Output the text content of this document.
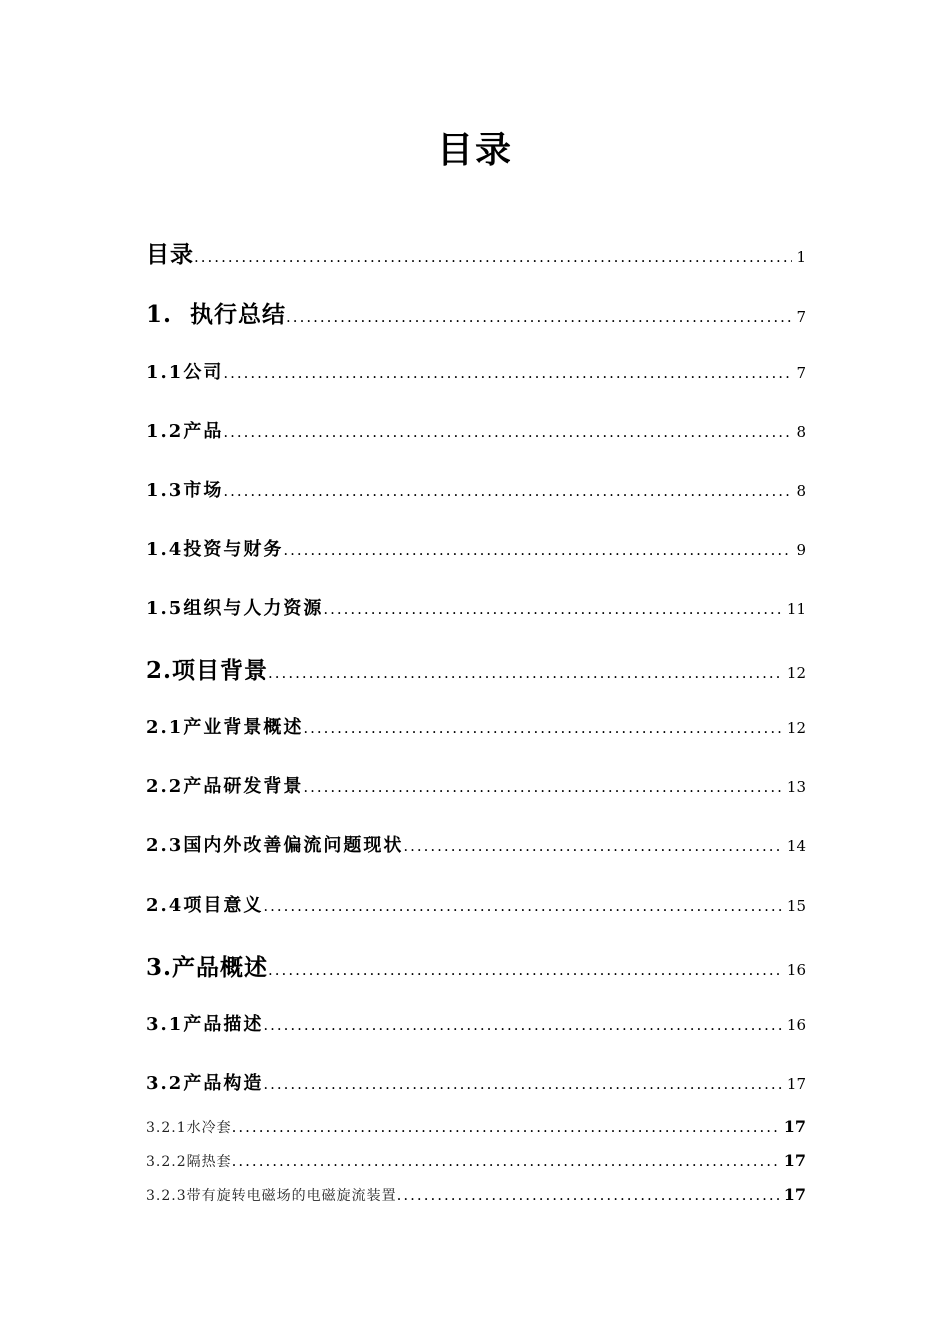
目录
目录 .....	1
1.  执行总结 .....	7
1.1公司 .....	7
1.2产品 .....	8
1.3市场 .....	8
1.4投资与财务 .....	9
1.5组织与人力资源 .....	11
2.项目背景 .....	12
2.1产业背景概述 .....	12
2.2产品研发背景 .....	13
2.3国内外改善偏流问题现状 .....	14
2.4项目意义 .....	15
3.产品概述 .....	16
3.1产品描述 .....	16
3.2产品构造 .....	17
3.2.1水冷套 .....	17
3.2.2隔热套 .....	17
3.2.3带有旋转电磁场的电磁旋流装置 .....	17
